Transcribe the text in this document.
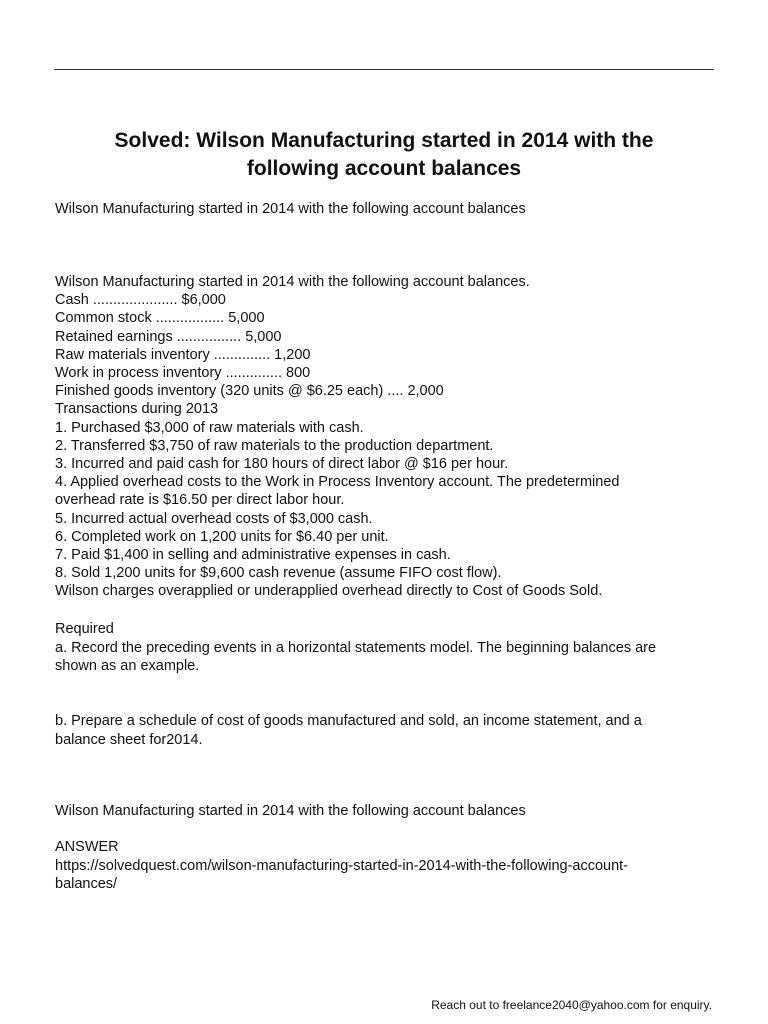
Solved: Wilson Manufacturing started in 2014 with the
following account balances

Wilson Manufacturing started in 2014 with the following account balances

Wilson Manufacturing started in 2014 with the following account balances.
Cash ..................... $6,000
Common stock ................. 5,000
Retained earnings ................ 5,000
Raw materials inventory .............. 1,200
Work in process inventory .............. 800
Finished goods inventory (320 units @ $6.25 each) .... 2,000
Transactions during 2013
1. Purchased $3,000 of raw materials with cash.
2. Transferred $3,750 of raw materials to the production department.
3. Incurred and paid cash for 180 hours of direct labor @ $16 per hour.
4. Applied overhead costs to the Work in Process Inventory account. The predetermined
overhead rate is $16.50 per direct labor hour.
5. Incurred actual overhead costs of $3,000 cash.
6. Completed work on 1,200 units for $6.40 per unit.
7. Paid $1,400 in selling and administrative expenses in cash.
8. Sold 1,200 units for $9,600 cash revenue (assume FIFO cost flow).
Wilson charges overapplied or underapplied overhead directly to Cost of Goods Sold.
Required
a. Record the preceding events in a horizontal statements model. The beginning balances are
shown as an example.
b. Prepare a schedule of cost of goods manufactured and sold, an income statement, and a
balance sheet for2014.
Wilson Manufacturing started in 2014 with the following account balances
ANSWER
https://solvedquest.com/wilson-manufacturing-started-in-2014-with-the-following-account-
balances/
Reach out to freelance2040@yahoo.com for enquiry.
